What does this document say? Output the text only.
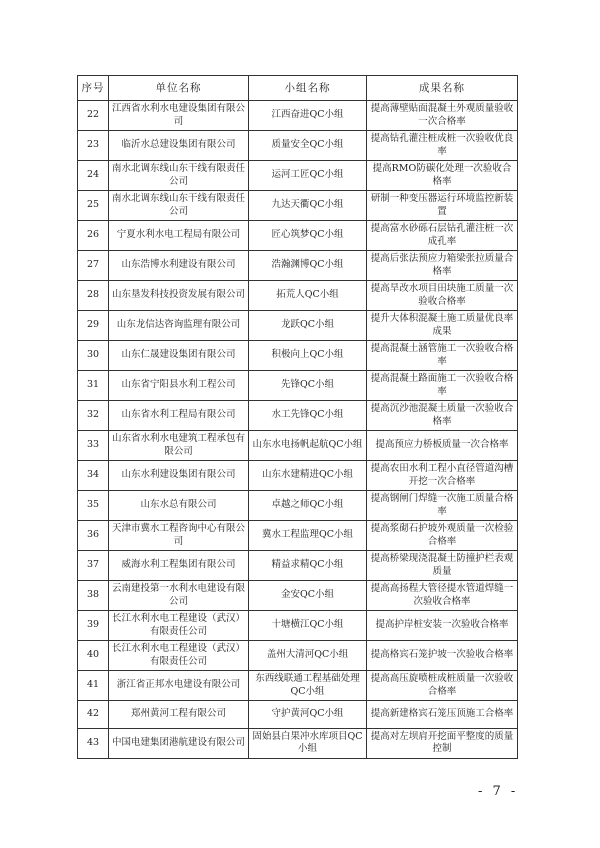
序号	单位名称	小组名称	成果名称
22	江西省水利水电建设集团有限公司	江西奋进QC小组	提高薄壁贴面混凝土外观质量验收一次合格率
23	临沂水总建设集团有限公司	质量安全QC小组	提高钻孔灌注桩成桩一次验收优良率
24	南水北调东线山东干线有限责任公司	运河工匠QC小组	提高RMO防碳化处理一次验收合格率
25	南水北调东线山东干线有限责任公司	九达天衢QC小组	研制一种变压器运行环境监控新装置
26	宁夏水利水电工程局有限公司	匠心筑梦QC小组	提高富水砂砾石层钻孔灌注桩一次成孔率
27	山东浩博水利建设有限公司	浩瀚渊博QC小组	提高后张法预应力箱梁张拉质量合格率
28	山东垦发科技投资发展有限公司	拓荒人QC小组	提高旱改水项目田块施工质量一次验收合格率
29	山东龙信达咨询监理有限公司	龙跃QC小组	提升大体积混凝土施工质量优良率成果
30	山东仁晟建设集团有限公司	积极向上QC小组	提高混凝土涵管施工一次验收合格率
31	山东省宁阳县水利工程公司	先锋QC小组	提高混凝土路面施工一次验收合格率
32	山东省水利工程局有限公司	水工先锋QC小组	提高沉沙池混凝土质量一次验收合格率
33	山东省水利水电建筑工程承包有限公司	山东水电扬帆起航QC小组	提高预应力桥板质量一次合格率
34	山东水利建设集团有限公司	山东水建精进QC小组	提高农田水利工程小直径管道沟槽开挖一次合格率
35	山东水总有限公司	卓越之师QC小组	提高钢闸门焊缝一次施工质量合格率
36	天津市冀水工程咨询中心有限公司	冀水工程监理QC小组	提高浆砌石护坡外观质量一次检验合格率
37	威海水利工程集团有限公司	精益求精QC小组	提高桥梁现浇混凝土防撞护栏表观质量
38	云南建投第一水利水电建设有限公司	金安QC小组	提高高扬程大管径提水管道焊缝一次验收合格率
39	长江水利水电工程建设（武汉）有限责任公司	十塘横江QC小组	提高护岸桩安装一次验收合格率
40	长江水利水电工程建设（武汉）有限责任公司	盖州大清河QC小组	提高格宾石笼护坡一次验收合格率
41	浙江省正邦水电建设有限公司	东西线联通工程基础处理QC小组	提高高压旋喷桩成桩质量一次验收合格率
42	郑州黄河工程有限公司	守护黄河QC小组	提高新建格宾石笼压顶施工合格率
43	中国电建集团港航建设有限公司	固始县白果冲水库项目QC小组	提高对左坝肩开挖面平整度的质量控制
- 7 -
